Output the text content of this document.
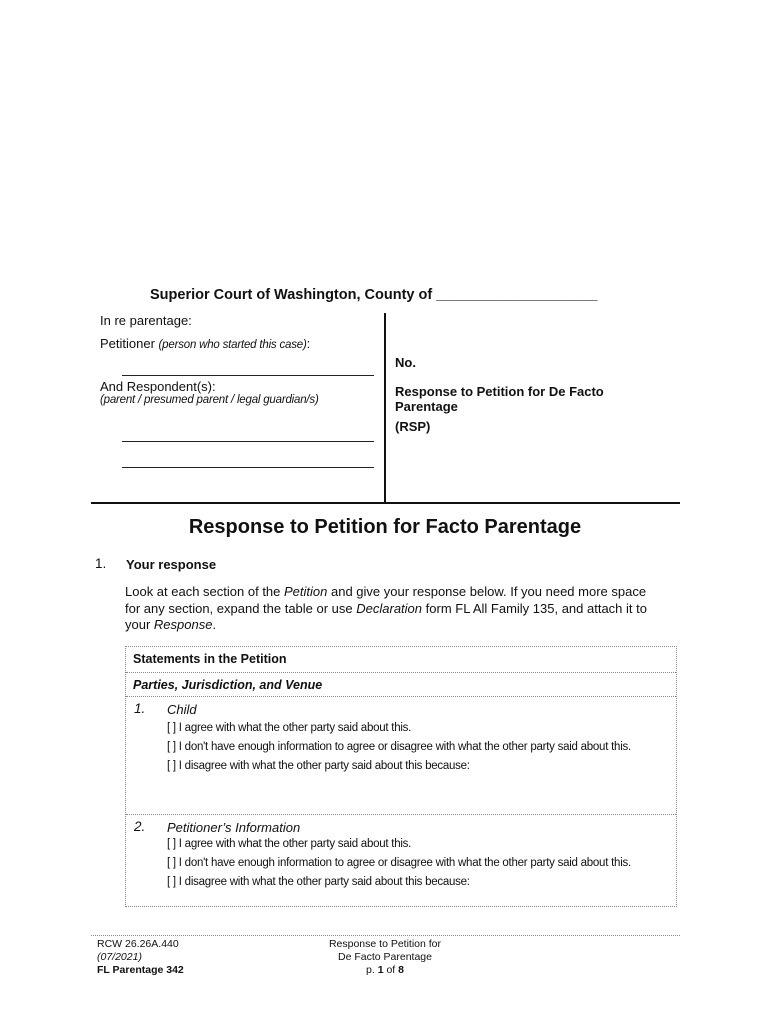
Superior Court of Washington, County of ____________________
In re parentage:
Petitioner (person who started this case):
And Respondent(s):
(parent / presumed parent / legal guardian/s)
No.
Response to Petition for De Facto
Parentage
(RSP)
Response to Petition for Facto Parentage
1. Your response
Look at each section of the Petition and give your response below. If you need more space for any section, expand the table or use Declaration form FL All Family 135, and attach it to your Response.
Statements in the Petition
Parties, Jurisdiction, and Venue
1. Child
[ ] I agree with what the other party said about this.
[ ] I don't have enough information to agree or disagree with what the other party said about this.
[ ] I disagree with what the other party said about this because:
2. Petitioner’s Information
[ ] I agree with what the other party said about this.
[ ] I don't have enough information to agree or disagree with what the other party said about this.
[ ] I disagree with what the other party said about this because:
RCW 26.26A.440
(07/2021)
FL Parentage 342
Response to Petition for
De Facto Parentage
p. 1 of 8
